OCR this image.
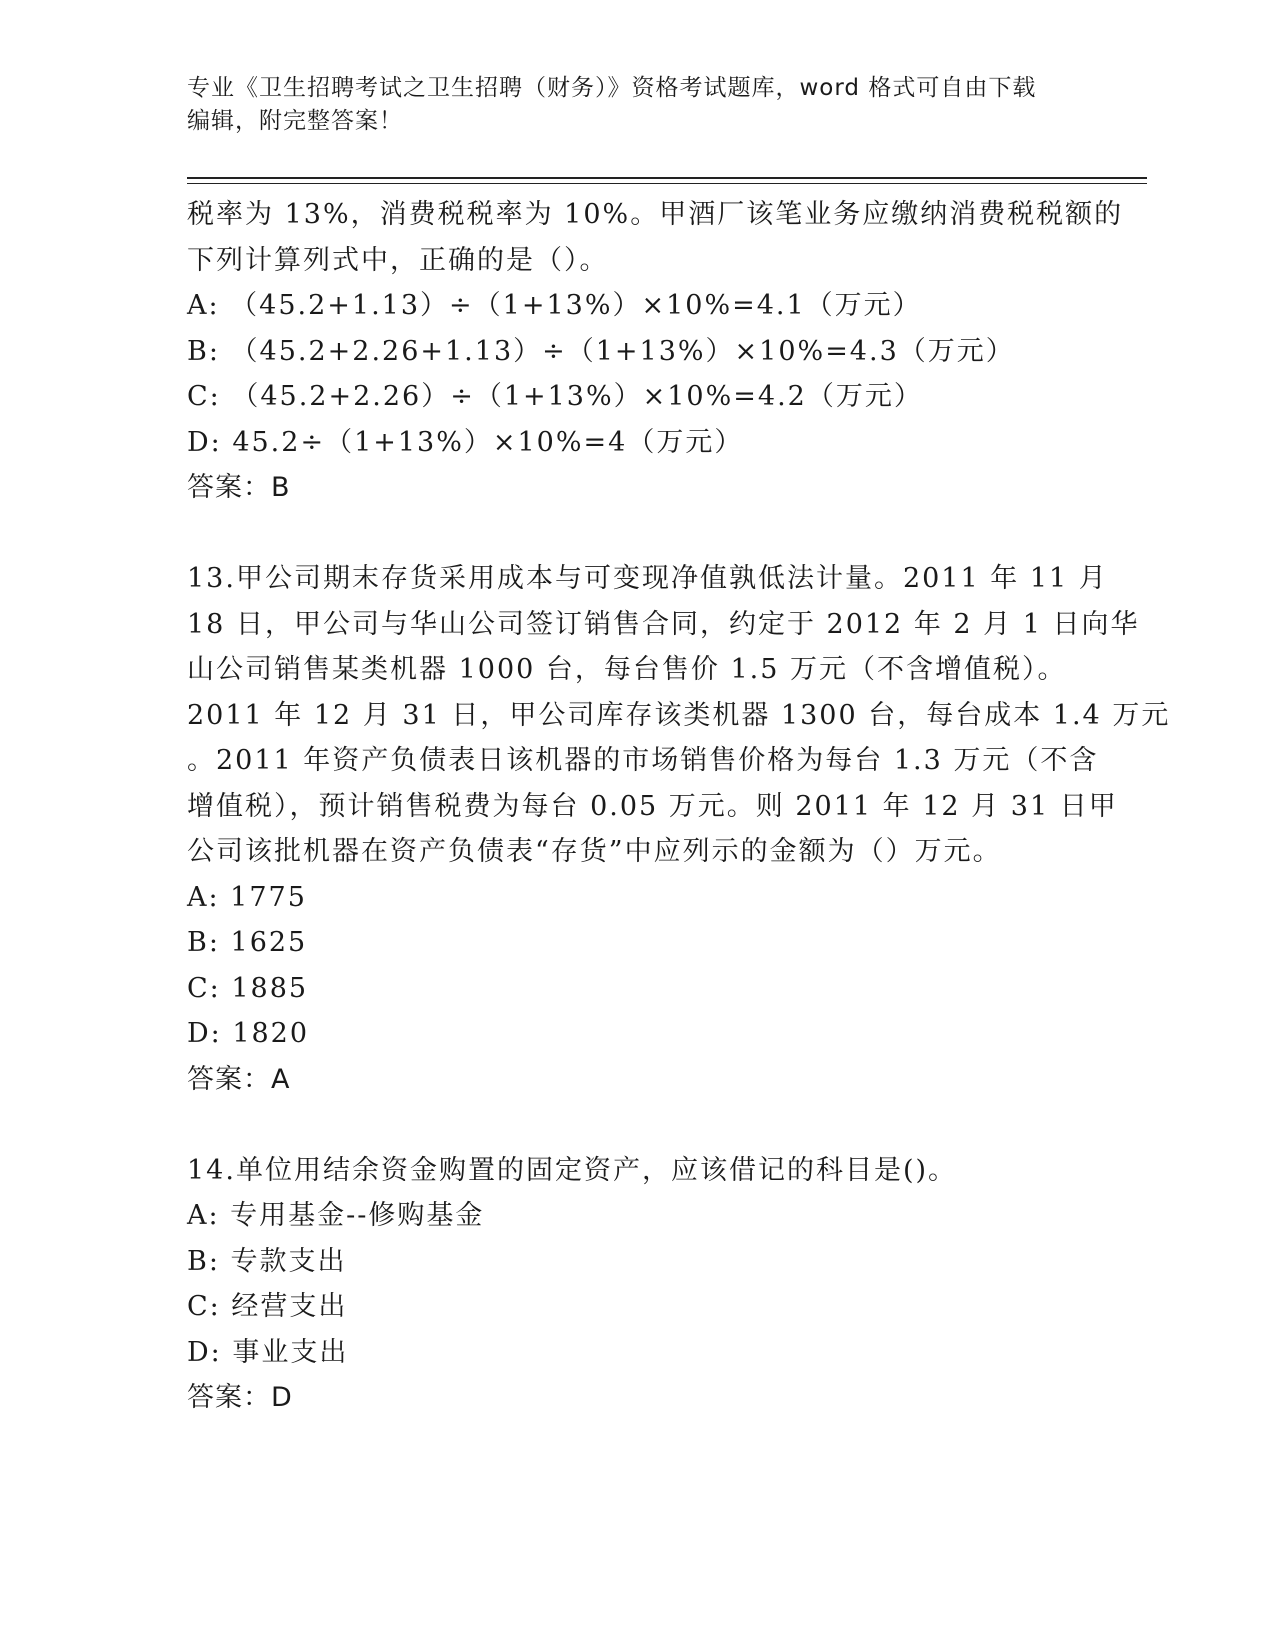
专业《卫生招聘考试之卫生招聘（财务）》资格考试题库，word 格式可自由下载
编辑，附完整答案！
税率为 13%，消费税税率为 10%。甲酒厂该笔业务应缴纳消费税税额的
下列计算列式中，正确的是（）。
A: （45.2+1.13）÷（1+13%）×10%=4.1（万元）
B: （45.2+2.26+1.13）÷（1+13%）×10%=4.3（万元）
C: （45.2+2.26）÷（1+13%）×10%=4.2（万元）
D: 45.2÷（1+13%）×10%=4（万元）
答案：B
13.甲公司期末存货采用成本与可变现净值孰低法计量。2011 年 11 月
18 日，甲公司与华山公司签订销售合同，约定于 2012 年 2 月 1 日向华
山公司销售某类机器 1000 台，每台售价 1.5 万元（不含增值税）。
2011 年 12 月 31 日，甲公司库存该类机器 1300 台，每台成本 1.4 万元
。2011 年资产负债表日该机器的市场销售价格为每台 1.3 万元（不含
增值税），预计销售税费为每台 0.05 万元。则 2011 年 12 月 31 日甲
公司该批机器在资产负债表“存货”中应列示的金额为（）万元。
A: 1775
B: 1625
C: 1885
D: 1820
答案：A
14.单位用结余资金购置的固定资产，应该借记的科目是()。
A: 专用基金--修购基金
B: 专款支出
C: 经营支出
D: 事业支出
答案：D
